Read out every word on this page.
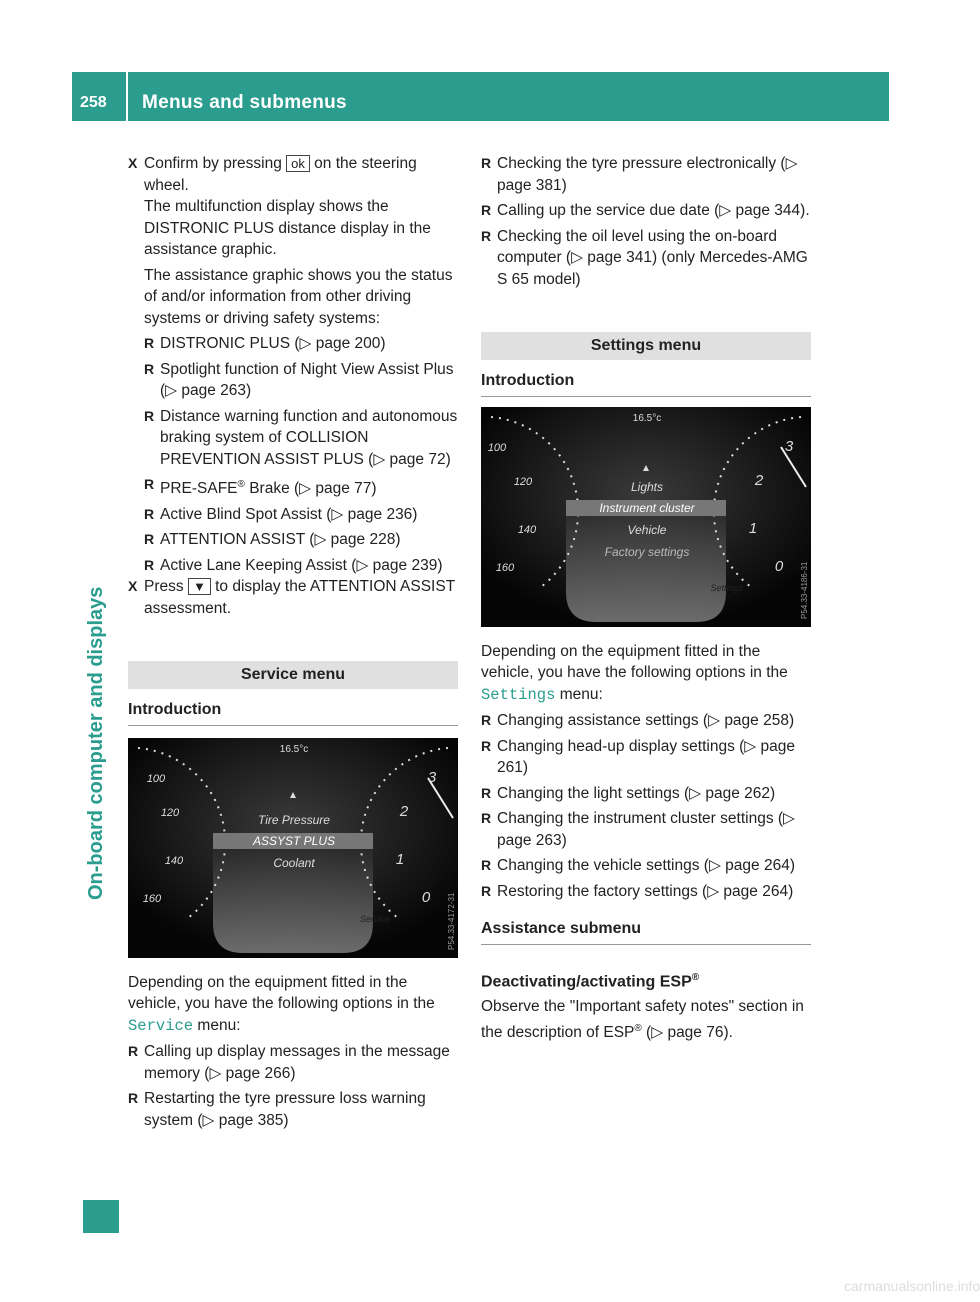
258	Menus and submenus
On-board computer and displays
X Confirm by pressing ok on the steering wheel.
The multifunction display shows the DISTRONIC PLUS distance display in the assistance graphic.
The assistance graphic shows you the status of and/or information from other driving systems or driving safety systems:
R DISTRONIC PLUS (▷ page 200)
R Spotlight function of Night View Assist Plus (▷ page 263)
R Distance warning function and autonomous braking system of COLLISION PREVENTION ASSIST PLUS (▷ page 72)
R PRE-SAFE® Brake (▷ page 77)
R Active Blind Spot Assist (▷ page 236)
R ATTENTION ASSIST (▷ page 228)
R Active Lane Keeping Assist (▷ page 239)
X Press ▼ to display the ATTENTION ASSIST assessment.
Service menu
Introduction
16.5°c
Tire Pressure
ASSYST PLUS
Coolant
Service
100
120
140
160
3
2
1
0 P54.33-4172-31
Depending on the equipment fitted in the vehicle, you have the following options in the
Service menu:
R Calling up display messages in the message memory (▷ page 266)
R Restarting the tyre pressure loss warning system (▷ page 385)
R Checking the tyre pressure electronically (▷ page 381)
R Calling up the service due date (▷ page 344).
R Checking the oil level using the on-board computer (▷ page 341) (only Mercedes-AMG S 65 model)
Settings menu
Introduction
16.5°c
Lights
Instrument cluster
Vehicle
Factory settings
Settings
100
120
140
160
3
2
1
0 P54.33-4186-31
Depending on the equipment fitted in the vehicle, you have the following options in the
Settings menu:
R Changing assistance settings (▷ page 258)
R Changing head-up display settings (▷ page 261)
R Changing the light settings (▷ page 262)
R Changing the instrument cluster settings (▷ page 263)
R Changing the vehicle settings (▷ page 264)
R Restoring the factory settings (▷ page 264)
Assistance submenu
Deactivating/activating ESP®
Observe the "Important safety notes" section in the description of ESP® (▷ page 76).
carmanualsonline.info
